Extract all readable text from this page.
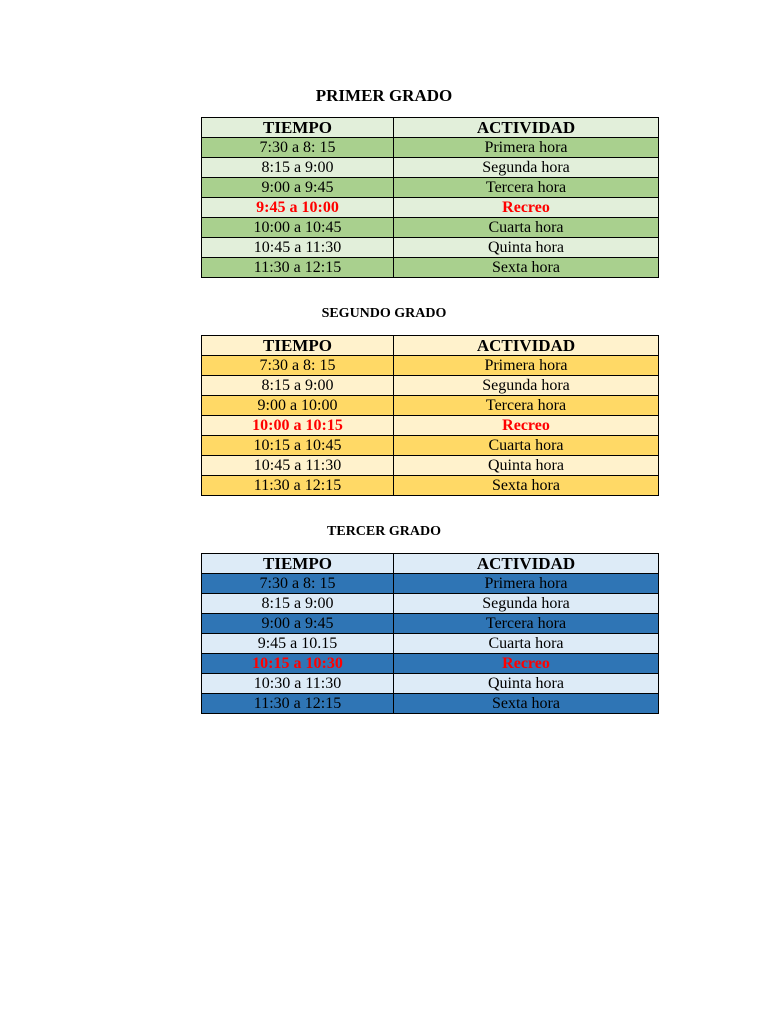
PRIMER GRADO
TIEMPO	ACTIVIDAD
7:30 a 8: 15	Primera hora
8:15 a 9:00	Segunda hora
9:00 a 9:45	Tercera hora
9:45 a 10:00	Recreo
10:00 a 10:45	Cuarta hora
10:45 a 11:30	Quinta hora
11:30 a 12:15	Sexta hora
SEGUNDO GRADO
TIEMPO	ACTIVIDAD
7:30 a 8: 15	Primera hora
8:15 a 9:00	Segunda hora
9:00 a 10:00	Tercera hora
10:00 a 10:15	Recreo
10:15 a 10:45	Cuarta hora
10:45 a 11:30	Quinta hora
11:30 a 12:15	Sexta hora
TERCER GRADO
TIEMPO	ACTIVIDAD
7:30 a 8: 15	Primera hora
8:15 a 9:00	Segunda hora
9:00 a 9:45	Tercera hora
9:45 a 10.15	Cuarta hora
10:15 a 10:30	Recreo
10:30 a 11:30	Quinta hora
11:30 a 12:15	Sexta hora
